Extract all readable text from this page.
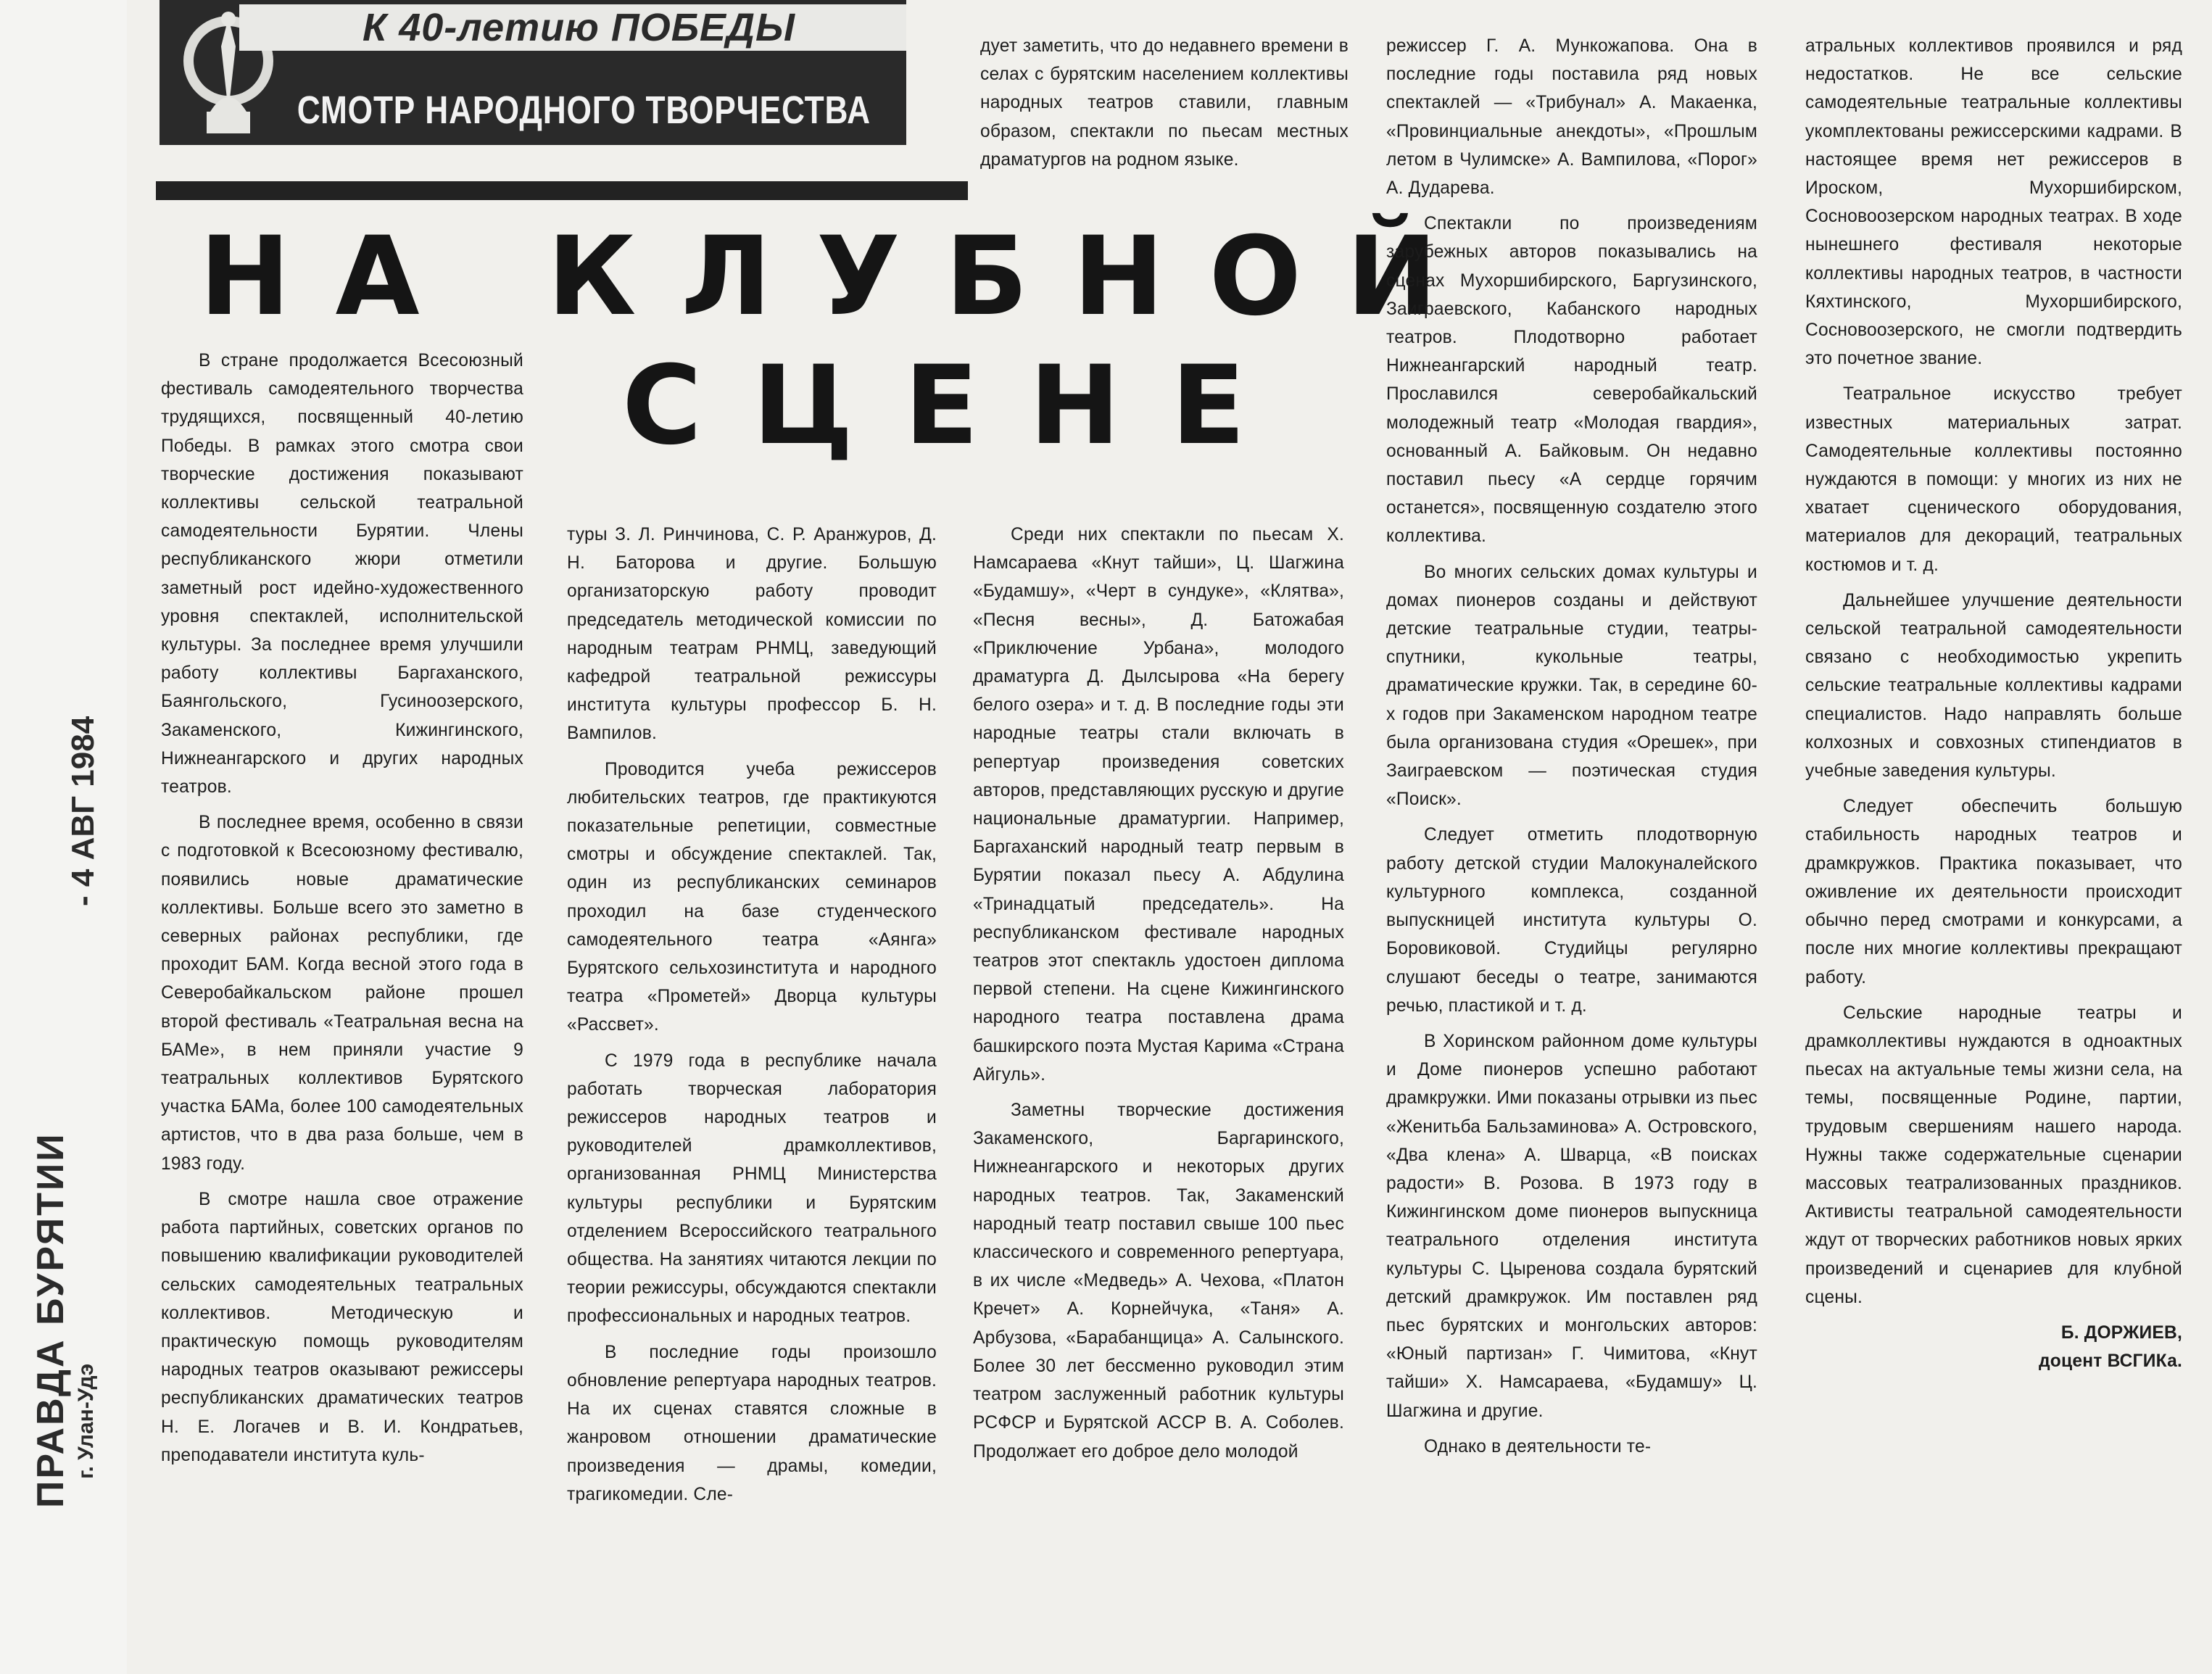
К 40-летию ПОБЕДЫ
СМОТР НАРОДНОГО ТВОРЧЕСТВА
НА КЛУБНОЙ
СЦЕНЕ
- 4 АВГ 1984
ПРАВДА БУРЯТИИ г. Улан-Удэ

В стране продолжается Всесоюзный фестиваль самодеятельного творчества трудящихся, посвященный 40-летию Победы. В рамках этого смотра свои творческие достижения показывают коллективы сельской театральной самодеятельности Бурятии. Члены республиканского жюри отметили заметный рост идейно-художественного уровня спектаклей, исполнительской культуры. За последнее время улучшили работу коллективы Баргаханского, Баянгольского, Гусиноозерского, Закаменского, Кижингинского, Нижнеангарского и других народных театров.

В последнее время, особенно в связи с подготовкой к Всесоюзному фестивалю, появились новые драматические коллективы. Больше всего это заметно в северных районах республики, где проходит БАМ. Когда весной этого года в Северобайкальском районе прошел второй фестиваль «Театральная весна на БАМе», в нем приняли участие 9 театральных коллективов Бурятского участка БАМа, более 100 самодеятельных артистов, что в два раза больше, чем в 1983 году.

В смотре нашла свое отражение работа партийных, советских органов по повышению квалификации руководителей сельских самодеятельных театральных коллективов. Методическую и практическую помощь руководителям народных театров оказывают режиссеры республиканских драматических театров Н. Е. Логачев и В. И. Кондратьев, преподаватели института куль-

дует заметить, что до недавнего времени в селах с бурятским населением коллективы народных театров ставили, главным образом, спектакли по пьесам местных драматургов на родном языке.

туры З. Л. Ринчинова, С. Р. Аранжуров, Д. Н. Баторова и другие. Большую организаторскую работу проводит председатель методической комиссии по народным театрам РНМЦ, заведующий кафедрой театральной режиссуры института культуры профессор Б. Н. Вампилов.

Проводится учеба режиссеров любительских театров, где практикуются показательные репетиции, совместные смотры и обсуждение спектаклей. Так, один из республиканских семинаров проходил на базе студенческого самодеятельного театра «Аянга» Бурятского сельхозинститута и народного театра «Прометей» Дворца культуры «Рассвет».

С 1979 года в республике начала работать творческая лаборатория режиссеров народных театров и руководителей драмколлективов, организованная РНМЦ Министерства культуры республики и Бурятским отделением Всероссийского театрального общества. На занятиях читаются лекции по теории режиссуры, обсуждаются спектакли профессиональных и народных театров.

В последние годы произошло обновление репертуара народных театров. На их сценах ставятся сложные в жанровом отношении драматические произведения — драмы, комедии, трагикомедии. Сле-

Среди них спектакли по пьесам Х. Намсараева «Кнут тайши», Ц. Шагжина «Будамшу», «Черт в сундуке», «Клятва», «Песня весны», Д. Батожабая «Приключение Урбана», молодого драматурга Д. Дылсырова «На берегу белого озера» и т. д. В последние годы эти народные театры стали включать в репертуар произведения советских авторов, представляющих русскую и другие национальные драматургии. Например, Баргаханский народный театр первым в Бурятии показал пьесу А. Абдулина «Тринадцатый председатель». На республиканском фестивале народных театров этот спектакль удостоен диплома первой степени. На сцене Кижингинского народного театра поставлена драма башкирского поэта Мустая Карима «Страна Айгуль».

Заметны творческие достижения Закаменского, Баргаринского, Нижнеангарского и некоторых других народных театров. Так, Закаменский народный театр поставил свыше 100 пьес классического и современного репертуара, в их числе «Медведь» А. Чехова, «Платон Кречет» А. Корнейчука, «Таня» А. Арбузова, «Барабанщица» А. Салынского. Более 30 лет бессменно руководил этим театром заслуженный работник культуры РСФСР и Бурятской АССР В. А. Соболев. Продолжает его доброе дело молодой

режиссер Г. А. Мункожапова. Она в последние годы поставила ряд новых спектаклей — «Трибунал» А. Макаенка, «Провинциальные анекдоты», «Прошлым летом в Чулимске» А. Вампилова, «Порог» А. Дударева.

Спектакли по произведениям зарубежных авторов показывались на сценах Мухоршибирского, Баргузинского, Заиграевского, Кабанского народных театров. Плодотворно работает Нижнеангарский народный театр. Прославился северобайкальский молодежный театр «Молодая гвардия», основанный А. Байковым. Он недавно поставил пьесу «А сердце горячим останется», посвященную создателю этого коллектива.

Во многих сельских домах культуры и домах пионеров созданы и действуют детские театральные студии, театры-спутники, кукольные театры, драматические кружки. Так, в середине 60-х годов при Закаменском народном театре была организована студия «Орешек», при Заиграевском — поэтическая студия «Поиск».

Следует отметить плодотворную работу детской студии Малокуналейского культурного комплекса, созданной выпускницей института культуры О. Боровиковой. Студийцы регулярно слушают беседы о театре, занимаются речью, пластикой и т. д.

В Хоринском районном доме культуры и Доме пионеров успешно работают драмкружки. Ими показаны отрывки из пьес «Женитьба Бальзаминова» А. Островского, «Два клена» А. Шварца, «В поисках радости» В. Розова. В 1973 году в Кижингинском доме пионеров выпускница театрального отделения института культуры С. Цыренова создала бурятский детский драмкружок. Им поставлен ряд пьес бурятских и монгольских авторов: «Юный партизан» Г. Чимитова, «Кнут тайши» Х. Намсараева, «Будамшу» Ц. Шагжина и другие.

Однако в деятельности те-

атральных коллективов проявился и ряд недостатков. Не все сельские самодеятельные театральные коллективы укомплектованы режиссерскими кадрами. В настоящее время нет режиссеров в Ироском, Мухоршибирском, Сосновоозерском народных театрах. В ходе нынешнего фестиваля некоторые коллективы народных театров, в частности Кяхтинского, Мухоршибирского, Сосновоозерского, не смогли подтвердить это почетное звание.

Театральное искусство требует известных материальных затрат. Самодеятельные коллективы постоянно нуждаются в помощи: у многих из них не хватает сценического оборудования, материалов для декораций, театральных костюмов и т. д.

Дальнейшее улучшение деятельности сельской театральной самодеятельности связано с необходимостью укрепить сельские театральные коллективы кадрами специалистов. Надо направлять больше колхозных и совхозных стипендиатов в учебные заведения культуры.

Следует обеспечить большую стабильность народных театров и драмкружков. Практика показывает, что оживление их деятельности происходит обычно перед смотрами и конкурсами, а после них многие коллективы прекращают работу.

Сельские народные театры и драмколлективы нуждаются в одноактных пьесах на актуальные темы жизни села, на темы, посвященные Родине, партии, трудовым свершениям нашего народа. Нужны также содержательные сценарии массовых театрализованных праздников. Активисты театральной самодеятельности ждут от творческих работников новых ярких произведений и сценариев для клубной сцены.

Б. ДОРЖИЕВ,
доцент ВСГИКа.
